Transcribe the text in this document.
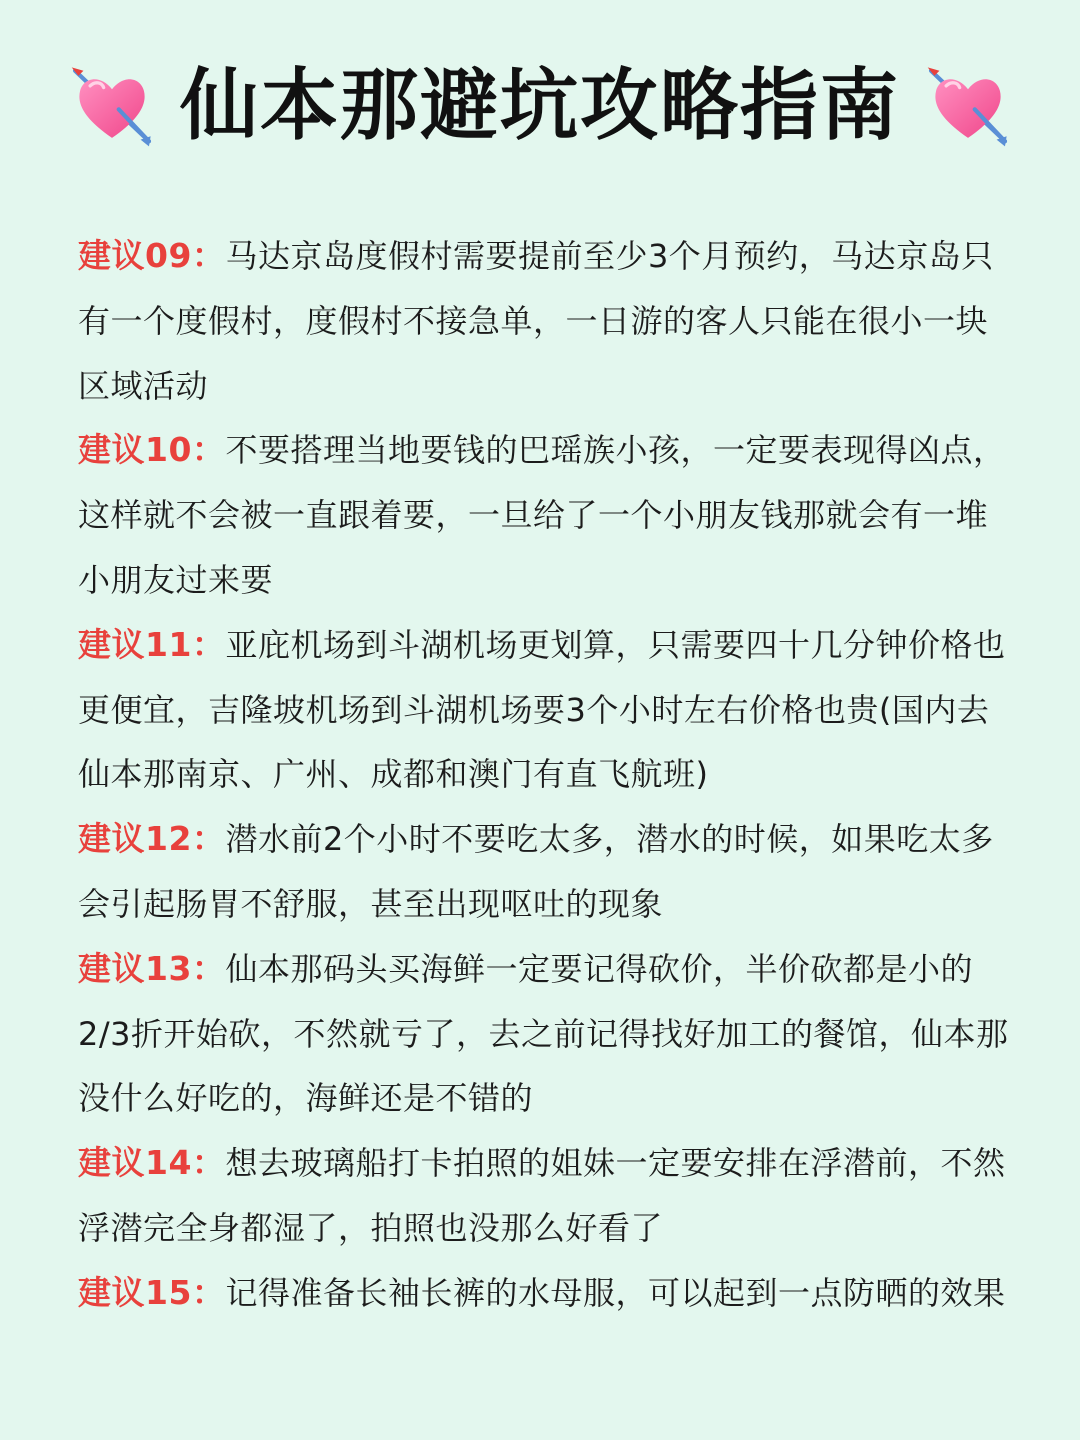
仙本那避坑攻略指南

建议09：马达京岛度假村需要提前至少3个月预约，马达京岛只有一个度假村，度假村不接急单，一日游的客人只能在很小一块区域活动

建议10：不要搭理当地要钱的巴瑶族小孩，一定要表现得凶点，这样就不会被一直跟着要，一旦给了一个小朋友钱那就会有一堆小朋友过来要

建议11：亚庇机场到斗湖机场更划算，只需要四十几分钟价格也更便宜，吉隆坡机场到斗湖机场要3个小时左右价格也贵(国内去仙本那南京、广州、成都和澳门有直飞航班)

建议12：潜水前2个小时不要吃太多，潜水的时候，如果吃太多会引起肠胃不舒服，甚至出现呕吐的现象

建议13：仙本那码头买海鲜一定要记得砍价，半价砍都是小的2/3折开始砍，不然就亏了，去之前记得找好加工的餐馆，仙本那没什么好吃的，海鲜还是不错的

建议14：想去玻璃船打卡拍照的姐妹一定要安排在浮潜前，不然浮潜完全身都湿了，拍照也没那么好看了

建议15：记得准备长袖长裤的水母服，可以起到一点防晒的效果
